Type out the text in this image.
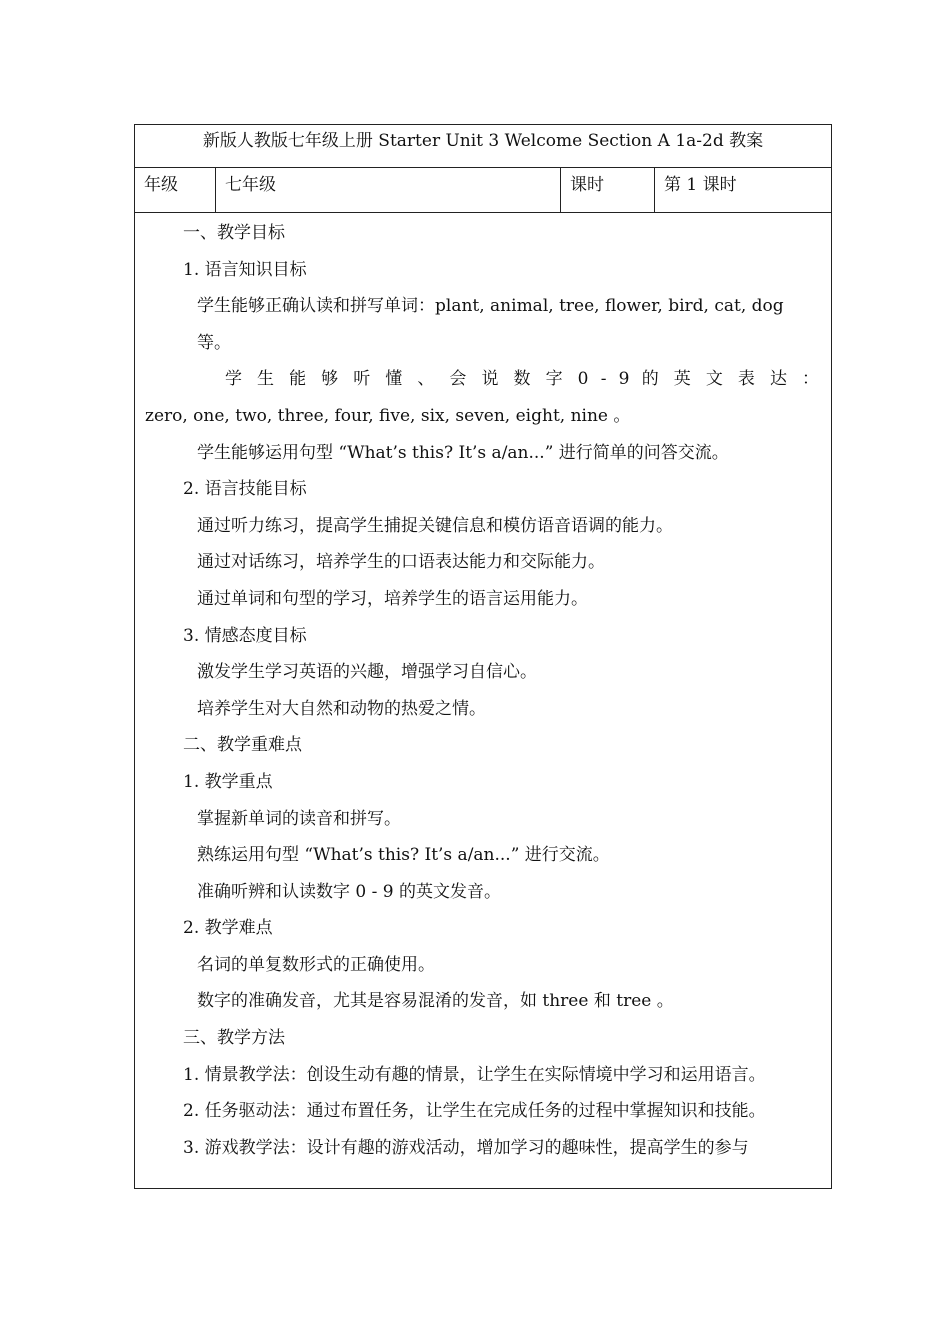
新版人教版七年级上册 Starter Unit 3 Welcome Section A 1a-2d 教案
年级	七年级	课时	第 1 课时

一、教学目标

1. 语言知识目标

学生能够正确认读和拼写单词：plant, animal, tree, flower, bird, cat, dog 等。

学 生 能 够 听 懂 、 会 说 数 字 0 - 9 的 英 文 表 达 ：

zero, one, two, three, four, five, six, seven, eight, nine 。

学生能够运用句型 “What’s this? It’s a/an...” 进行简单的问答交流。

2. 语言技能目标

通过听力练习，提高学生捕捉关键信息和模仿语音语调的能力。

通过对话练习，培养学生的口语表达能力和交际能力。

通过单词和句型的学习，培养学生的语言运用能力。

3. 情感态度目标

激发学生学习英语的兴趣，增强学习自信心。

培养学生对大自然和动物的热爱之情。

二、教学重难点

1. 教学重点

掌握新单词的读音和拼写。

熟练运用句型 “What’s this? It’s a/an...” 进行交流。

准确听辨和认读数字 0 - 9 的英文发音。

2. 教学难点

名词的单复数形式的正确使用。

数字的准确发音，尤其是容易混淆的发音，如 three 和 tree 。

三、教学方法

1. 情景教学法：创设生动有趣的情景，让学生在实际情境中学习和运用语言。

2. 任务驱动法：通过布置任务，让学生在完成任务的过程中掌握知识和技能。

3. 游戏教学法：设计有趣的游戏活动，增加学习的趣味性，提高学生的参与
